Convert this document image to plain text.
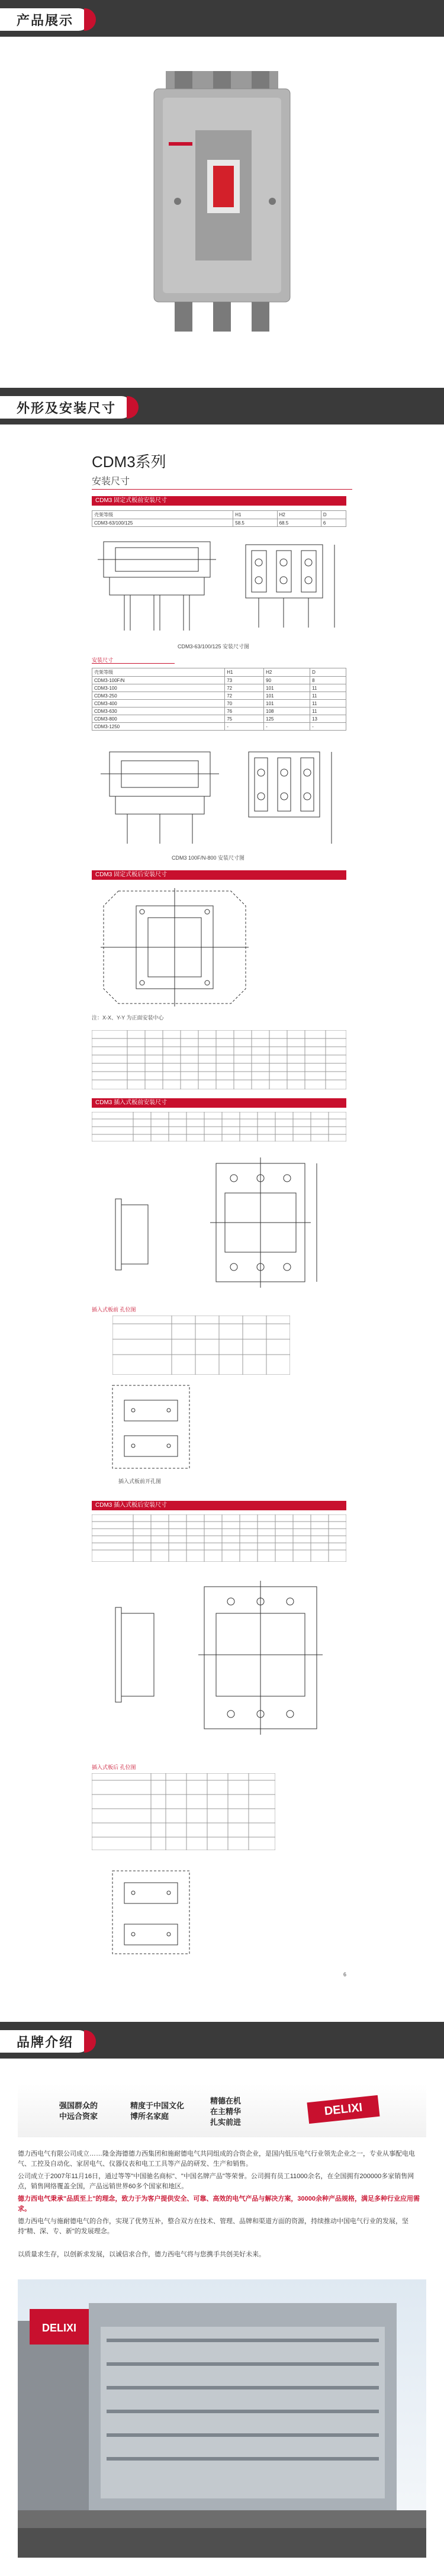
产品展示
外形及安装尺寸
CDM3系列
安装尺寸
CDM3 固定式板前安装尺寸
壳架等级	H1	H2	D
CDM3-63/100/125	58.5	68.5	6
CDM3-63/100/125 安装尺寸图
安装尺寸
壳架等级	H1	H2	D
CDM3-100F/N	73	90	8
CDM3-100	72	101	11
CDM3-250	72	101	11
CDM3-400	70	101	11
CDM3-630	76	108	11
CDM3-800	75	125	13
CDM3-1250	-	-	-
CDM3 100F/N-800 安装尺寸图
CDM3 固定式板后安装尺寸
注：X-X、Y-Y 为正面安装中心
CDM3 插入式板前安装尺寸
插入式板前 孔位图
插入式板前开孔图
CDM3 插入式板后安装尺寸
插入式板后 孔位图
6
品牌介绍
强国群众的
中远合资家
精度于中国文化
博所名家庭
精德在机
在主精华
扎实前进
DELIXI
德力西电气有限公司成立……隆金海德德力西集团和施耐德电气共同组成的合资企业，是国内低压电气行业领先企业之一，专业从事配电电气、工控及自动化、家居电气、仪器仪表和电工工具等产品的研发、生产和销售。
公司成立于2007年11月16日，通过等等"中国驰名商标"、"中国名牌产品"等荣誉。公司拥有员工11000余名，在全国拥有200000多家销售网点，销售网络覆盖全国，产品远销世界60多个国家和地区。
德力西电气秉承"品质至上"的理念，致力于为客户提供安全、可靠、高效的电气产品与解决方案，30000余种产品规格，满足多种行业应用需求。
德力西电气与施耐德电气的合作，实现了优势互补，整合双方在技术、管理、品牌和渠道方面的资源，持续推动中国电气行业的发展，坚持"精、深、专、新"的发展理念。
以质量求生存，以创新求发展，以诚信求合作，德力西电气将与您携手共创美好未来。
DELIXI
